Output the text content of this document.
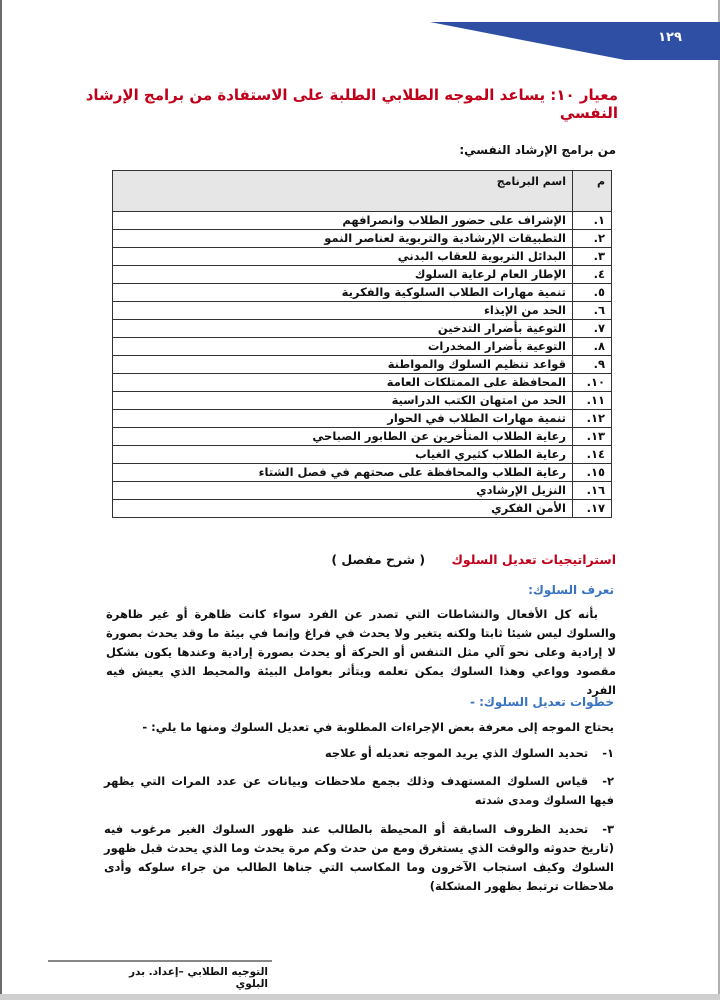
١٢٩
معيار ١٠: يساعد الموجه الطلابي الطلبة على الاستفادة من برامج الإرشاد النفسي
من برامج الإرشاد النفسي:
م	اسم البرنامج
١.	الإشراف على حضور الطلاب وانصرافهم
٢.	التطبيقات الإرشادية والتربوية لعناصر النمو
٣.	البدائل التربوية للعقاب البدني
٤.	الإطار العام لرعاية السلوك
٥.	تنمية مهارات الطلاب السلوكية والفكرية
٦.	الحد من الإيذاء
٧.	التوعية بأضرار التدخين
٨.	التوعية بأضرار المخدرات
٩.	قواعد تنظيم السلوك والمواطنة
١٠.	المحافظة على الممتلكات العامة
١١.	الحد من امتهان الكتب الدراسية
١٢.	تنمية مهارات الطلاب في الحوار
١٣.	رعاية الطلاب المتأخرين عن الطابور الصباحي
١٤.	رعاية الطلاب كثيري الغياب
١٥.	رعاية الطلاب والمحافظة على صحتهم في فصل الشتاء
١٦.	النزيل الإرشادي
١٧.	الأمن الفكري
استراتيجيات تعديل السلوك ( شرح مفصل )
تعرف السلوك:
بأنه كل الأفعال والنشاطات التي تصدر عن الفرد سواء كانت ظاهرة أو غير ظاهرة والسلوك ليس شيئا ثابتا ولكنه يتغير ولا يحدث في فراغ وإنما في بيئة ما وقد يحدث بصورة لا إرادية وعلى نحو آلي مثل التنفس أو الحركة أو يحدث بصورة إرادية وعندها يكون بشكل مقصود وواعي وهذا السلوك يمكن تعلمه ويتأثر بعوامل البيئة والمحيط الذي يعيش فيه الفرد
خطوات تعديل السلوك: -
يحتاج الموجه إلى معرفة بعض الإجراءات المطلوبة في تعديل السلوك ومنها ما يلي: -
١-تحديد السلوك الذي يريد الموجه تعديله أو علاجه
٢-قياس السلوك المستهدف وذلك بجمع ملاحظات وبيانات عن عدد المرات التي يظهر فيها السلوك ومدى شدته
٣-تحديد الظروف السابقة أو المحيطة بالطالب عند ظهور السلوك الغير مرغوب فيه (تاريخ حدوثه والوقت الذي يستغرق ومع من حدث وكم مرة يحدث وما الذي يحدث قبل ظهور السلوك وكيف استجاب الآخرون وما المكاسب التي جناها الطالب من جراء سلوكه وأدى ملاحظات ترتبط بظهور المشكلة)
التوجيه الطلابي –إعداد. بدر البلوي
